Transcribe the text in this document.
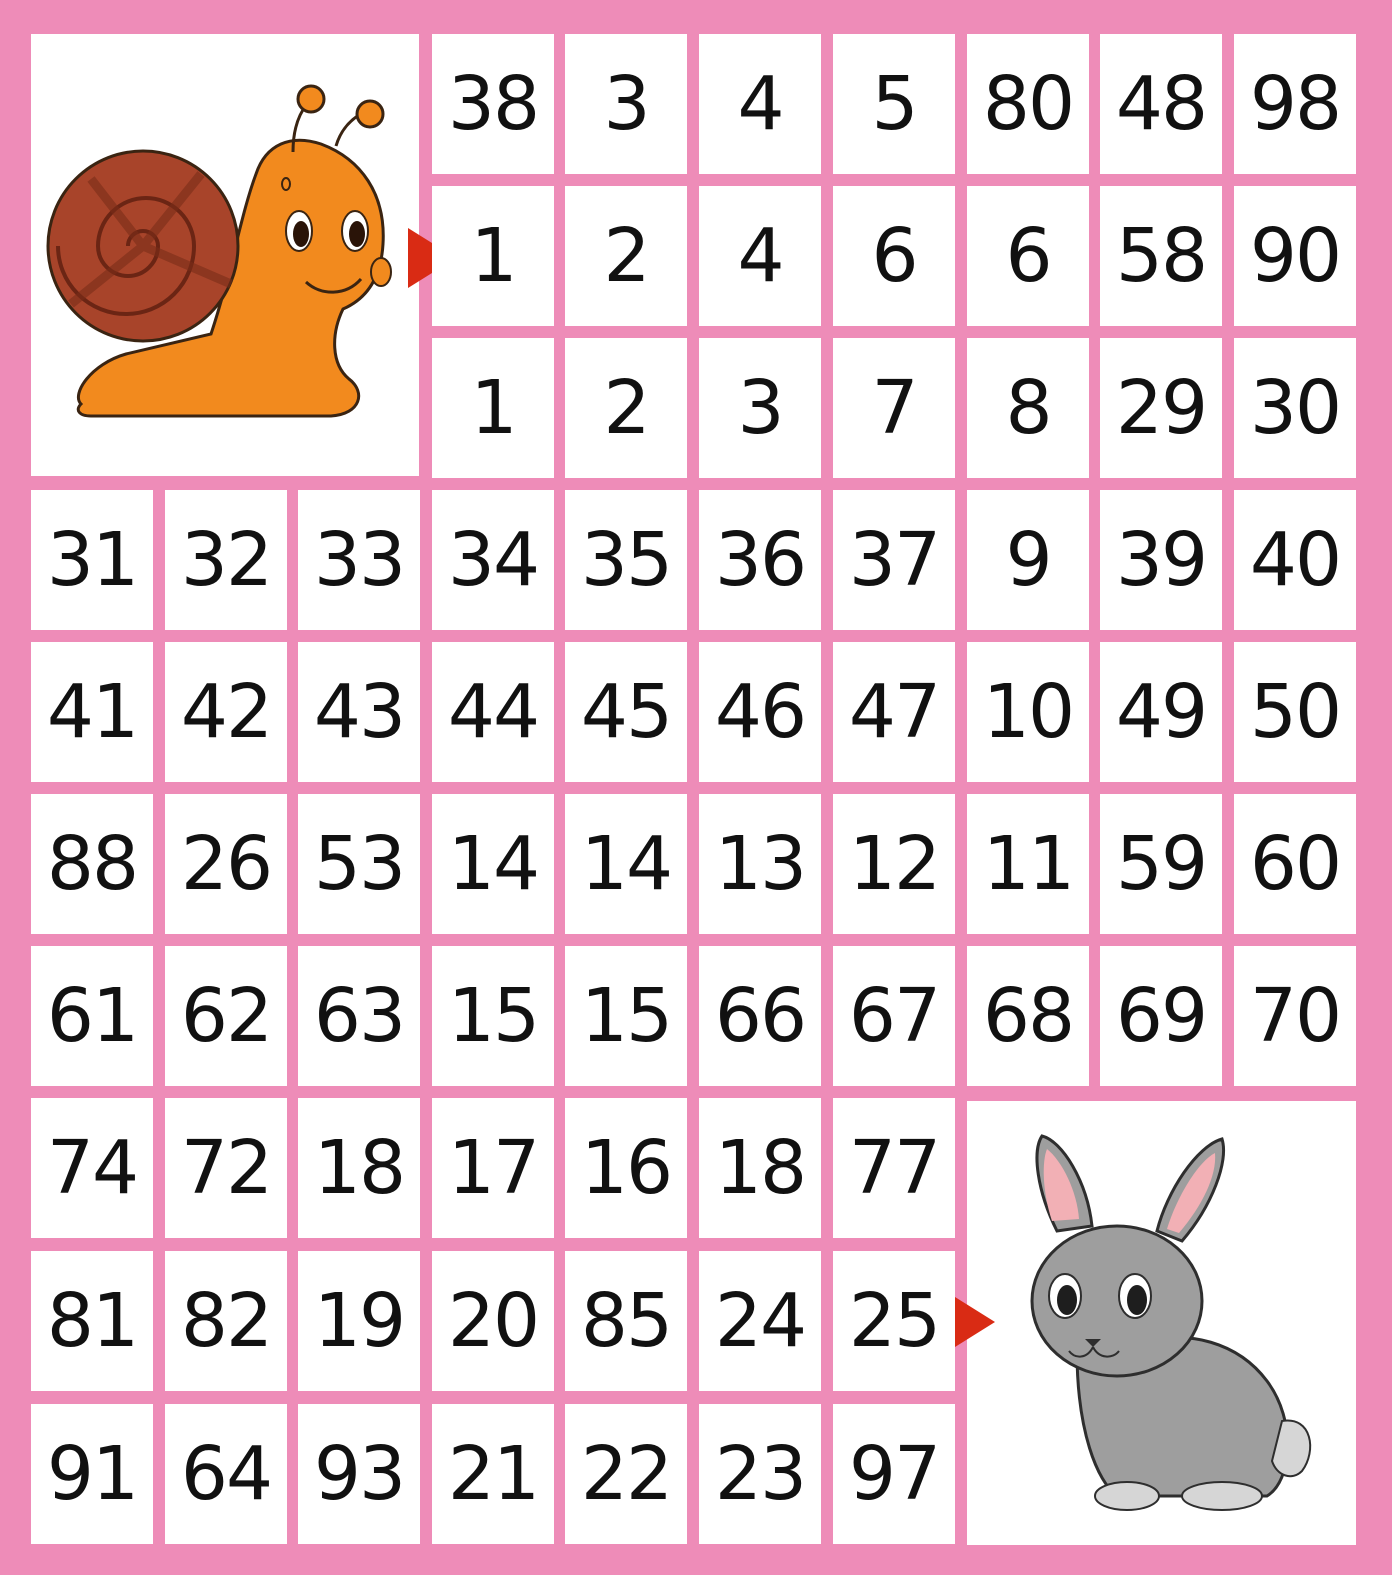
38 3	4	5 80 48 98
1	2	4	6	6 58 90
1	2	3	7	8 29 30
31 32 33 34 35 36 37 9 39 40
41 42 43 44 45 46 47 10 49 50
88 26 53 14 14 13 12 11 59 60
61 62 63 15 15 66 67 68 69 70
74 72 18 17 16 18 77
81 82 19 20 85 24 25
91 64 93 21 22 23 97
